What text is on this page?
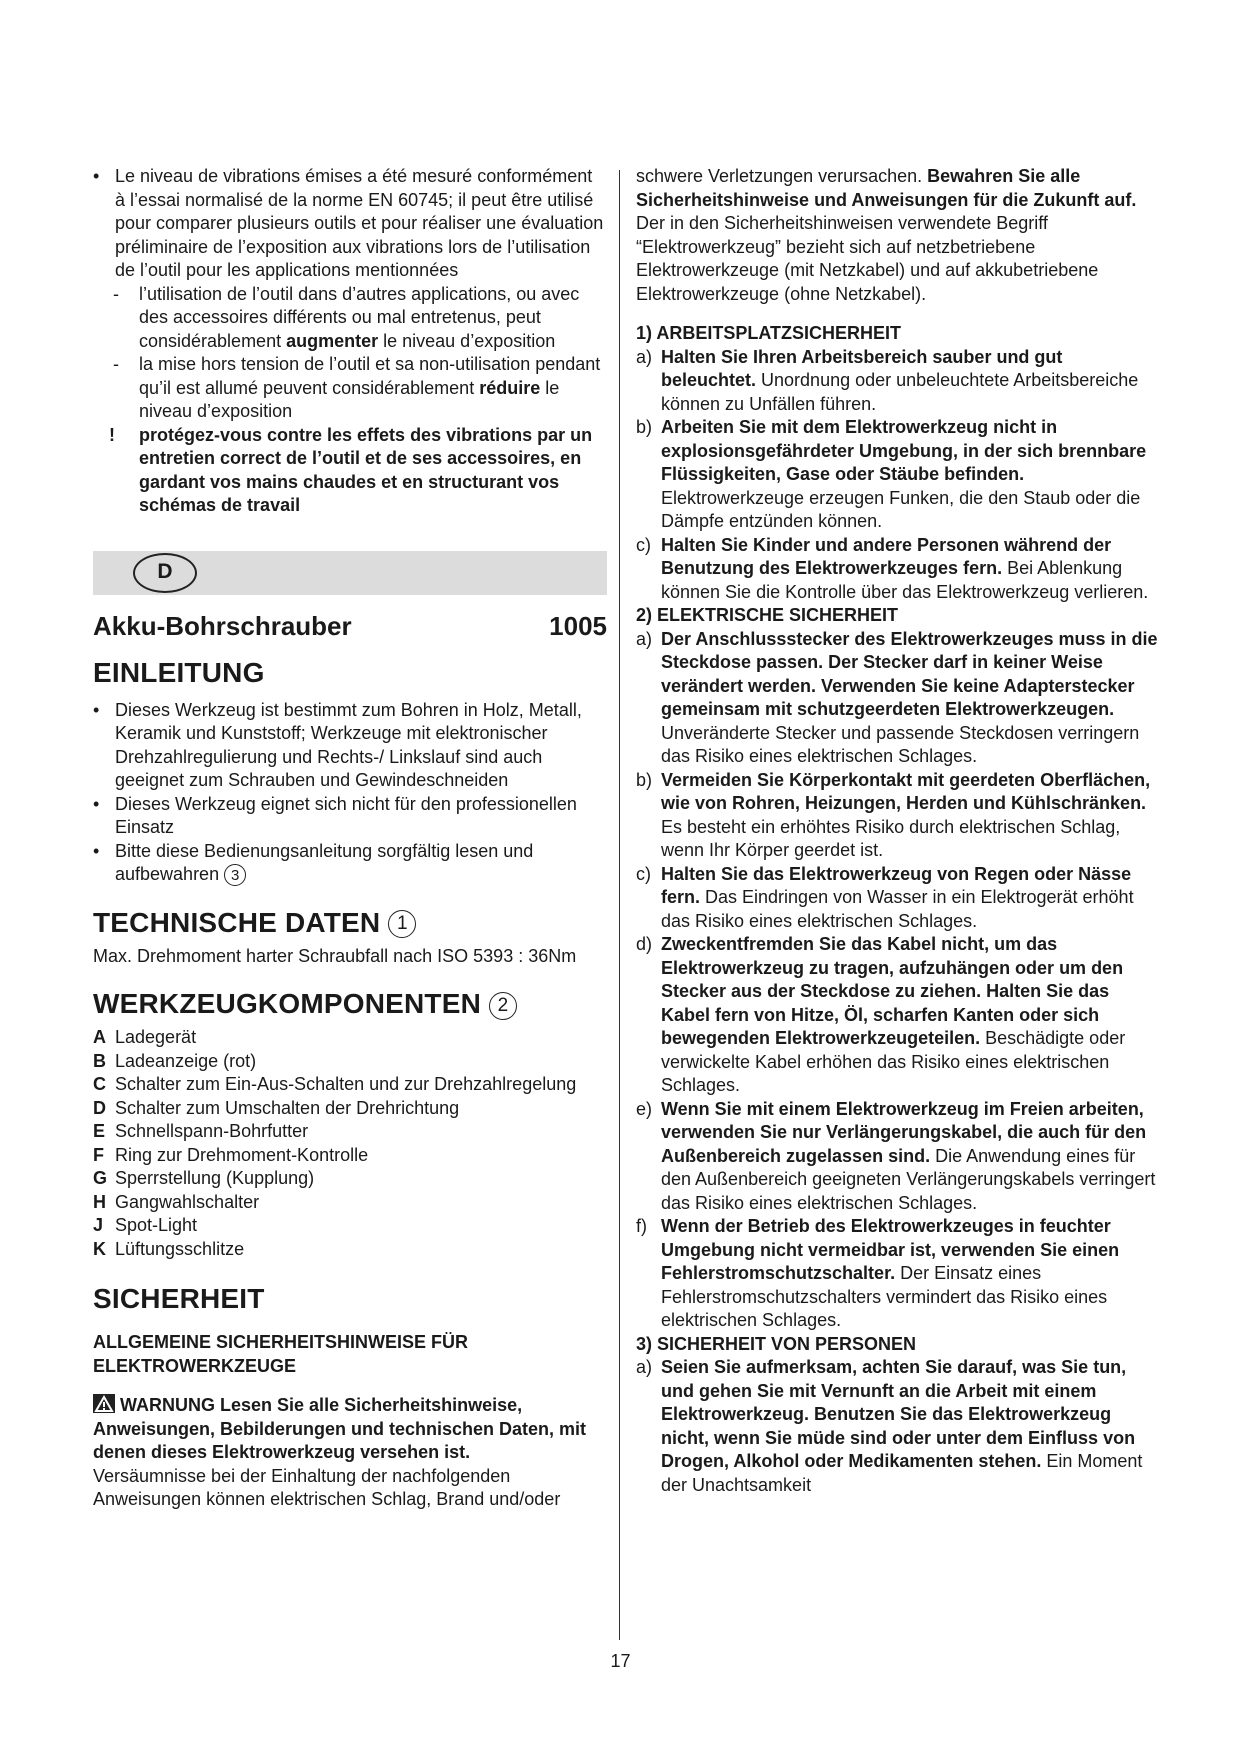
• Le niveau de vibrations émises a été mesuré conformément à l’essai normalisé de la norme EN 60745; il peut être utilisé pour comparer plusieurs outils et pour réaliser une évaluation préliminaire de l’exposition aux vibrations lors de l’utilisation de l’outil pour les applications mentionnées
- l’utilisation de l’outil dans d’autres applications, ou avec des accessoires différents ou mal entretenus, peut considérablement augmenter le niveau d’exposition
- la mise hors tension de l’outil et sa non-utilisation pendant qu’il est allumé peuvent considérablement réduire le niveau d’exposition
! protégez-vous contre les effets des vibrations par un entretien correct de l’outil et de ses accessoires, en gardant vos mains chaudes et en structurant vos schémas de travail
D
Akku-Bohrschrauber	1005
EINLEITUNG
• Dieses Werkzeug ist bestimmt zum Bohren in Holz, Metall, Keramik und Kunststoff; Werkzeuge mit elektronischer Drehzahlregulierung und Rechts-/ Linkslauf sind auch geeignet zum Schrauben und Gewindeschneiden
• Dieses Werkzeug eignet sich nicht für den professionellen Einsatz
• Bitte diese Bedienungsanleitung sorgfältig lesen und aufbewahren 3
TECHNISCHE DATEN 1

Max. Drehmoment harter Schraubfall nach ISO 5393 : 36Nm

WERKZEUGKOMPONENTEN 2
A Ladegerät
B Ladeanzeige (rot)
C Schalter zum Ein-Aus-Schalten und zur Drehzahlregelung
D Schalter zum Umschalten der Drehrichtung
E Schnellspann-Bohrfutter
F Ring zur Drehmoment-Kontrolle
G Sperrstellung (Kupplung)
H Gangwahlschalter
J Spot-Light
K Lüftungsschlitze
SICHERHEIT

ALLGEMEINE SICHERHEITSHINWEISE FÜR ELEKTROWERKZEUGE

WARNUNG Lesen Sie alle Sicherheitshinweise, Anweisungen, Bebilderungen und technischen Daten, mit denen dieses Elektrowerkzeug versehen ist.

Versäumnisse bei der Einhaltung der nachfolgenden Anweisungen können elektrischen Schlag, Brand und/oder

schwere Verletzungen verursachen. Bewahren Sie alle Sicherheitshinweise und Anweisungen für die Zukunft auf. Der in den Sicherheitshinweisen verwendete Begriff “Elektrowerkzeug” bezieht sich auf netzbetriebene Elektrowerkzeuge (mit Netzkabel) und auf akkubetriebene Elektrowerkzeuge (ohne Netzkabel).

1) ARBEITSPLATZSICHERHEIT

a) Halten Sie Ihren Arbeitsbereich sauber und gut beleuchtet. Unordnung oder unbeleuchtete Arbeitsbereiche können zu Unfällen führen.
b) Arbeiten Sie mit dem Elektrowerkzeug nicht in explosionsgefährdeter Umgebung, in der sich brennbare Flüssigkeiten, Gase oder Stäube befinden. Elektrowerkzeuge erzeugen Funken, die den Staub oder die Dämpfe entzünden können.
c) Halten Sie Kinder und andere Personen während der Benutzung des Elektrowerkzeuges fern. Bei Ablenkung können Sie die Kontrolle über das Elektrowerkzeug verlieren.

2) ELEKTRISCHE SICHERHEIT

a) Der Anschlussstecker des Elektrowerkzeuges muss in die Steckdose passen. Der Stecker darf in keiner Weise verändert werden. Verwenden Sie keine Adapterstecker gemeinsam mit schutzgeerdeten Elektrowerkzeugen. Unveränderte Stecker und passende Steckdosen verringern das Risiko eines elektrischen Schlages.
b) Vermeiden Sie Körperkontakt mit geerdeten Oberflächen, wie von Rohren, Heizungen, Herden und Kühlschränken. Es besteht ein erhöhtes Risiko durch elektrischen Schlag, wenn Ihr Körper geerdet ist.
c) Halten Sie das Elektrowerkzeug von Regen oder Nässe fern. Das Eindringen von Wasser in ein Elektrogerät erhöht das Risiko eines elektrischen Schlages.
d) Zweckentfremden Sie das Kabel nicht, um das Elektrowerkzeug zu tragen, aufzuhängen oder um den Stecker aus der Steckdose zu ziehen. Halten Sie das Kabel fern von Hitze, Öl, scharfen Kanten oder sich bewegenden Elektrowerkzeugeteilen. Beschädigte oder verwickelte Kabel erhöhen das Risiko eines elektrischen Schlages.
e) Wenn Sie mit einem Elektrowerkzeug im Freien arbeiten, verwenden Sie nur Verlängerungskabel, die auch für den Außenbereich zugelassen sind. Die Anwendung eines für den Außenbereich geeigneten Verlängerungskabels verringert das Risiko eines elektrischen Schlages.
f) Wenn der Betrieb des Elektrowerkzeuges in feuchter Umgebung nicht vermeidbar ist, verwenden Sie einen Fehlerstromschutzschalter. Der Einsatz eines Fehlerstromschutzschalters vermindert das Risiko eines elektrischen Schlages.

3) SICHERHEIT VON PERSONEN

a) Seien Sie aufmerksam, achten Sie darauf, was Sie tun, und gehen Sie mit Vernunft an die Arbeit mit einem Elektrowerkzeug. Benutzen Sie das Elektrowerkzeug nicht, wenn Sie müde sind oder unter dem Einfluss von Drogen, Alkohol oder Medikamenten stehen. Ein Moment der Unachtsamkeit
17
